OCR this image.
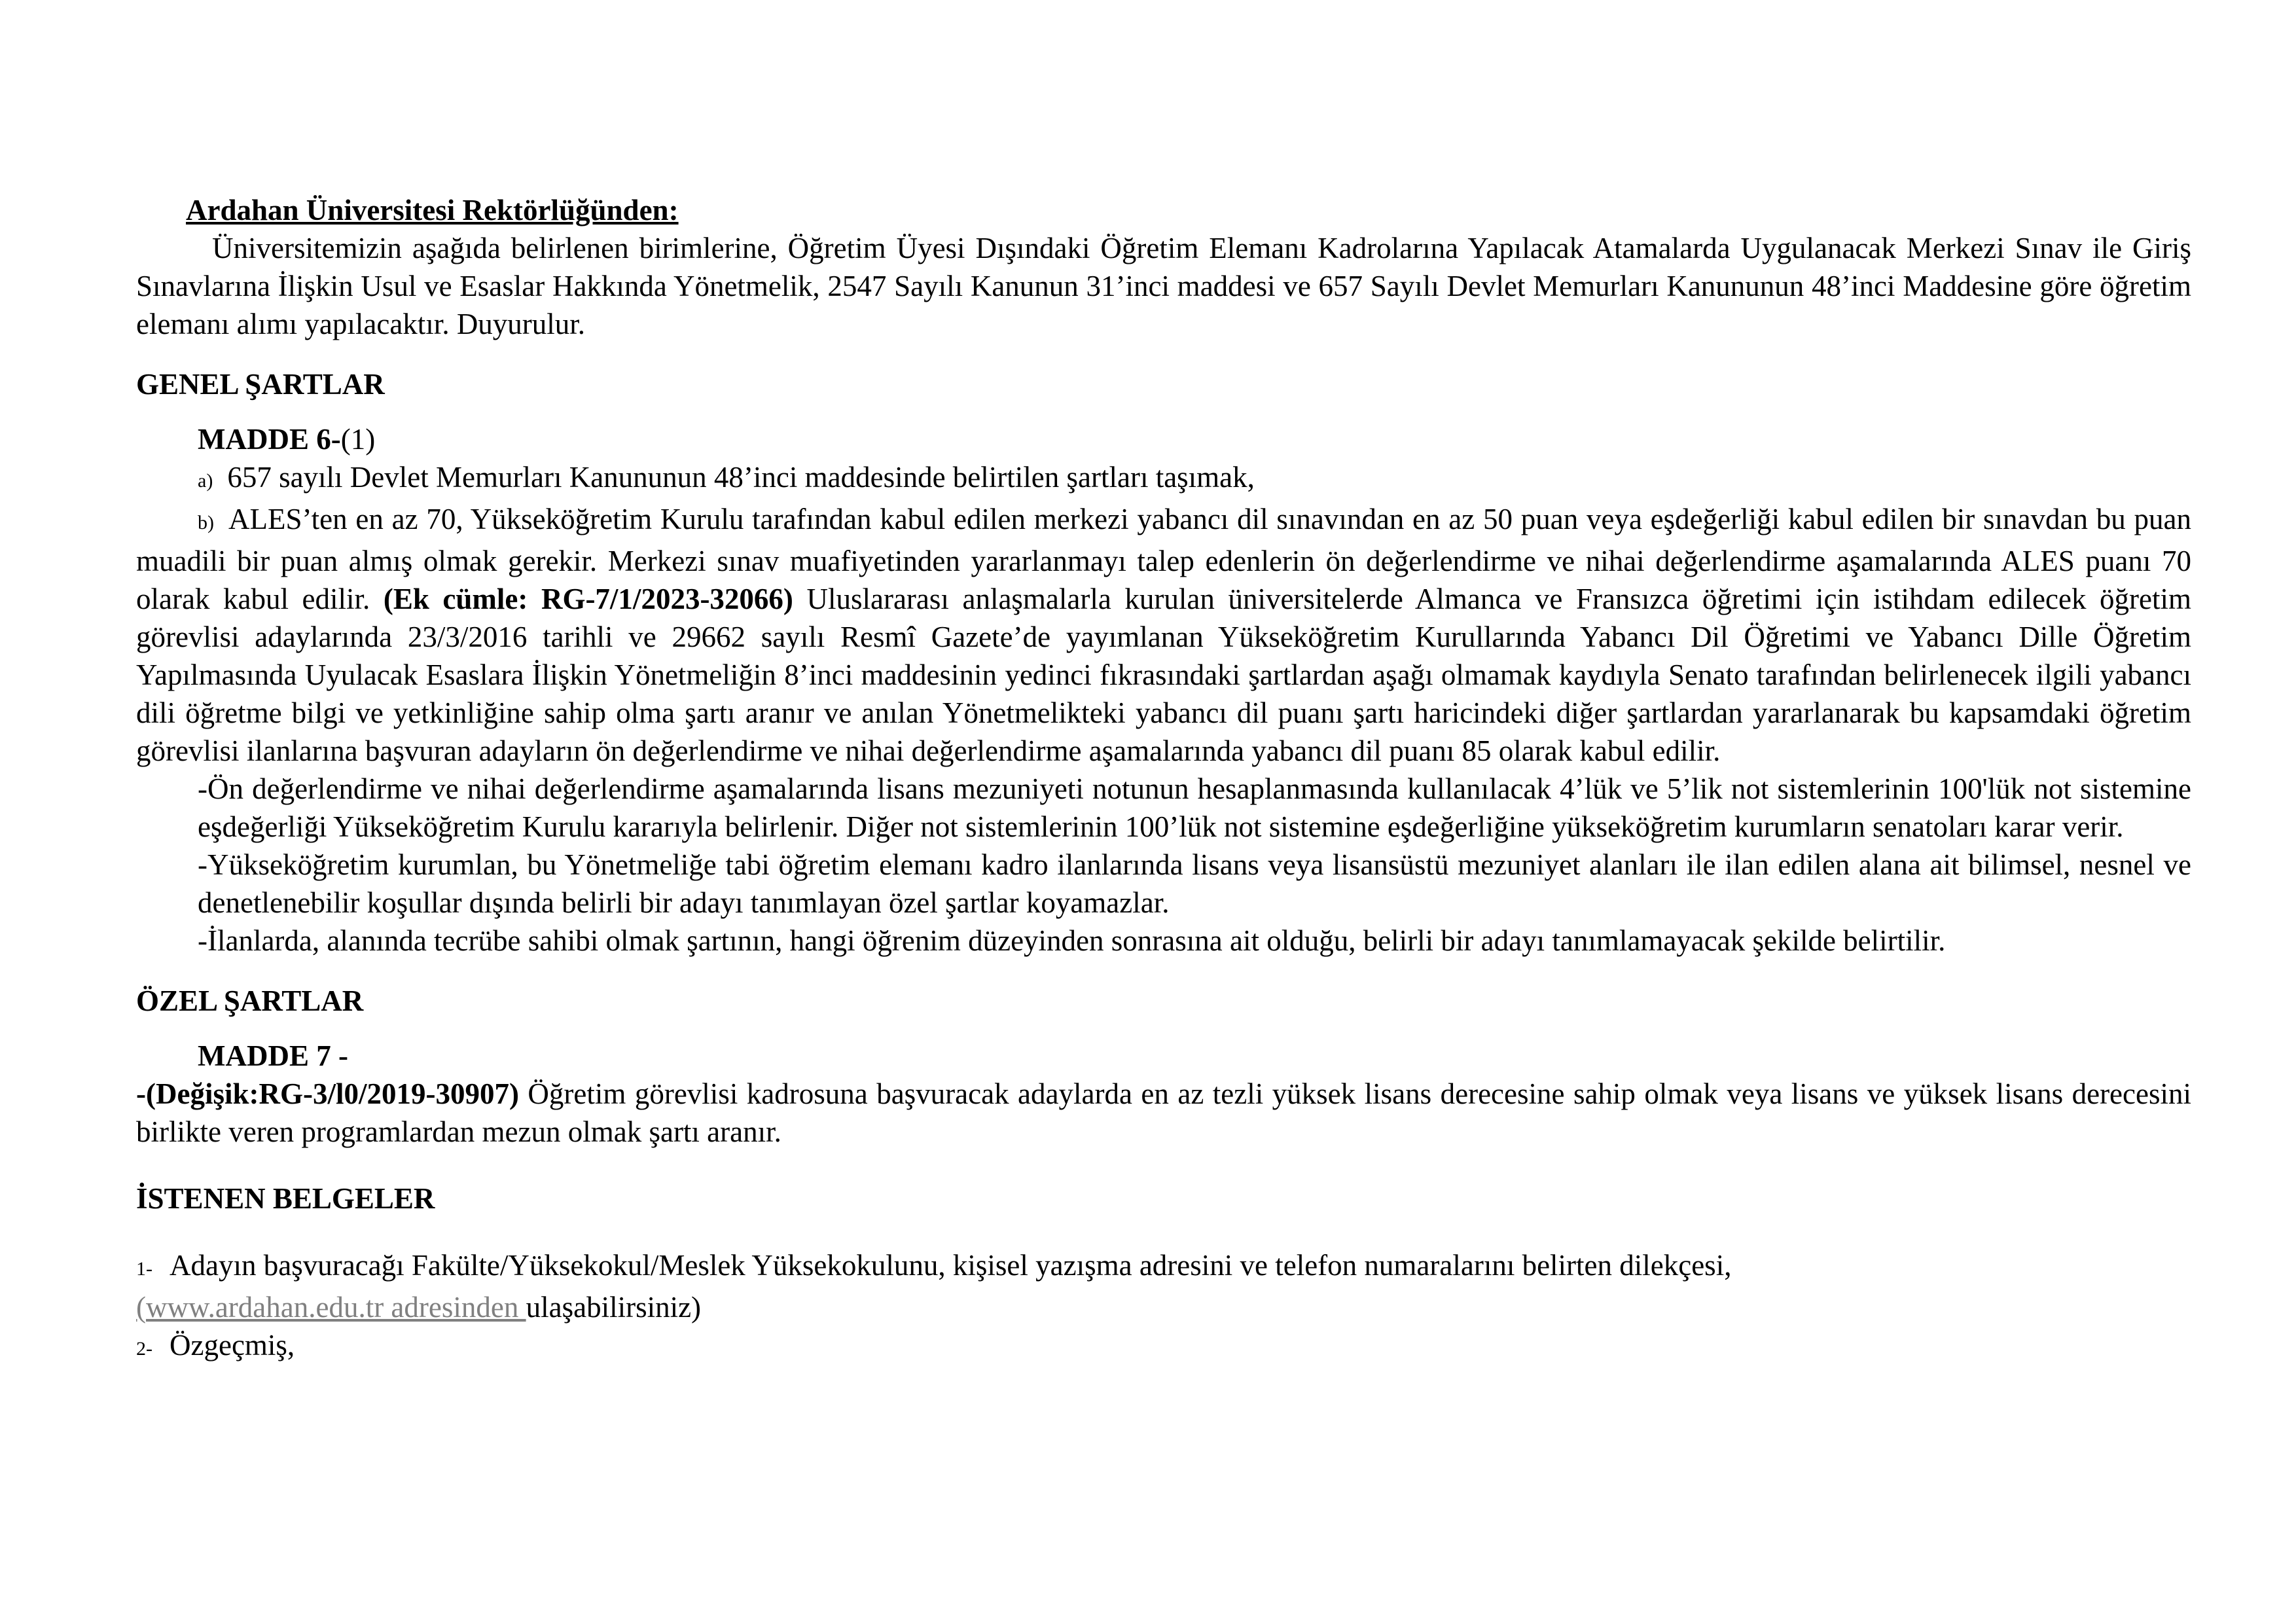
Ardahan Üniversitesi Rektörlüğünden:

Üniversitemizin aşağıda belirlenen birimlerine, Öğretim Üyesi Dışındaki Öğretim Elemanı Kadrolarına Yapılacak Atamalarda Uygulanacak Merkezi Sınav ile Giriş Sınavlarına İlişkin Usul ve Esaslar Hakkında Yönetmelik, 2547 Sayılı Kanunun 31’inci maddesi ve 657 Sayılı Devlet Memurları Kanununun 48’inci Maddesine göre öğretim elemanı alımı yapılacaktır. Duyurulur.

GENEL ŞARTLAR

MADDE 6-(1)

a) 657 sayılı Devlet Memurları Kanununun 48’inci maddesinde belirtilen şartları taşımak,

b) ALES’ten en az 70, Yükseköğretim Kurulu tarafından kabul edilen merkezi yabancı dil sınavından en az 50 puan veya eşdeğerliği kabul edilen bir sınavdan bu puan muadili bir puan almış olmak gerekir. Merkezi sınav muafiyetinden yararlanmayı talep edenlerin ön değerlendirme ve nihai değerlendirme aşamalarında ALES puanı 70 olarak kabul edilir. (Ek cümle: RG-7/1/2023-32066) Uluslararası anlaşmalarla kurulan üniversitelerde Almanca ve Fransızca öğretimi için istihdam edilecek öğretim görevlisi adaylarında 23/3/2016 tarihli ve 29662 sayılı Resmî Gazete’de yayımlanan Yükseköğretim Kurullarında Yabancı Dil Öğretimi ve Yabancı Dille Öğretim Yapılmasında Uyulacak Esaslara İlişkin Yönetmeliğin 8’inci maddesinin yedinci fıkrasındaki şartlardan aşağı olmamak kaydıyla Senato tarafından belirlenecek ilgili yabancı dili öğretme bilgi ve yetkinliğine sahip olma şartı aranır ve anılan Yönetmelikteki yabancı dil puanı şartı haricindeki diğer şartlardan yararlanarak bu kapsamdaki öğretim görevlisi ilanlarına başvuran adayların ön değerlendirme ve nihai değerlendirme aşamalarında yabancı dil puanı 85 olarak kabul edilir.

-Ön değerlendirme ve nihai değerlendirme aşamalarında lisans mezuniyeti notunun hesaplanmasında kullanılacak 4’lük ve 5’lik not sistemlerinin 100'lük not sistemine eşdeğerliği Yükseköğretim Kurulu kararıyla belirlenir. Diğer not sistemlerinin 100’lük not sistemine eşdeğerliğine yükseköğretim kurumların senatoları karar verir.

-Yükseköğretim kurumlan, bu Yönetmeliğe tabi öğretim elemanı kadro ilanlarında lisans veya lisansüstü mezuniyet alanları ile ilan edilen alana ait bilimsel, nesnel ve denetlenebilir koşullar dışında belirli bir adayı tanımlayan özel şartlar koyamazlar.

-İlanlarda, alanında tecrübe sahibi olmak şartının, hangi öğrenim düzeyinden sonrasına ait olduğu, belirli bir adayı tanımlamayacak şekilde belirtilir.

ÖZEL ŞARTLAR

MADDE 7 -

-(Değişik:RG-3/l0/2019-30907) Öğretim görevlisi kadrosuna başvuracak adaylarda en az tezli yüksek lisans derecesine sahip olmak veya lisans ve yüksek lisans derecesini birlikte veren programlardan mezun olmak şartı aranır.

İSTENEN BELGELER

1- Adayın başvuracağı Fakülte/Yüksekokul/Meslek Yüksekokulunu, kişisel yazışma adresini ve telefon numaralarını belirten dilekçesi,

(www.ardahan.edu.tr adresinden ulaşabilirsiniz)

2- Özgeçmiş,
